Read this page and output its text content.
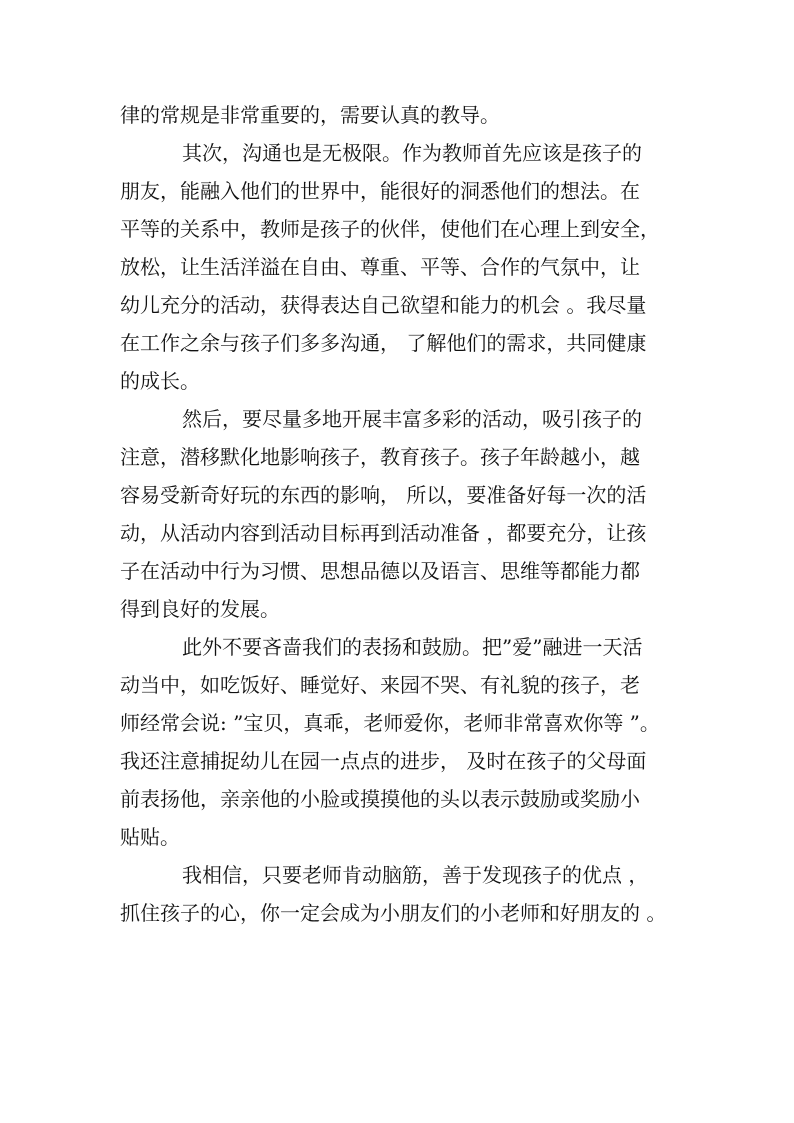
律的常规是非常重要的，需要认真的教导。
其次，沟通也是无极限。作为教师首先应该是孩子的
朋友，能融入他们的世界中，能很好的洞悉他们的想法。在
平等的关系中，教师是孩子的伙伴，使他们在心理上到安全，
放松，让生活洋溢在自由、尊重、平等、合作的气氛中，让
幼儿充分的活动，获得表达自己欲望和能力的机会 。我尽量
在工作之余与孩子们多多沟通， 了解他们的需求，共同健康
的成长。
然后，要尽量多地开展丰富多彩的活动，吸引孩子的
注意，潜移默化地影响孩子，教育孩子。孩子年龄越小，越
容易受新奇好玩的东西的影响， 所以，要准备好每一次的活
动，从活动内容到活动目标再到活动准备 ，都要充分，让孩
子在活动中行为习惯、思想品德以及语言、思维等都能力都
得到良好的发展。
此外不要吝啬我们的表扬和鼓励。把”爱”融进一天活
动当中，如吃饭好、睡觉好、来园不哭、有礼貌的孩子，老
师经常会说: ”宝贝，真乖，老师爱你，老师非常喜欢你等 ”。
我还注意捕捉幼儿在园一点点的进步， 及时在孩子的父母面
前表扬他，亲亲他的小脸或摸摸他的头以表示鼓励或奖励小
贴贴。
我相信，只要老师肯动脑筋，善于发现孩子的优点 ，
抓住孩子的心，你一定会成为小朋友们的小老师和好朋友的 。
